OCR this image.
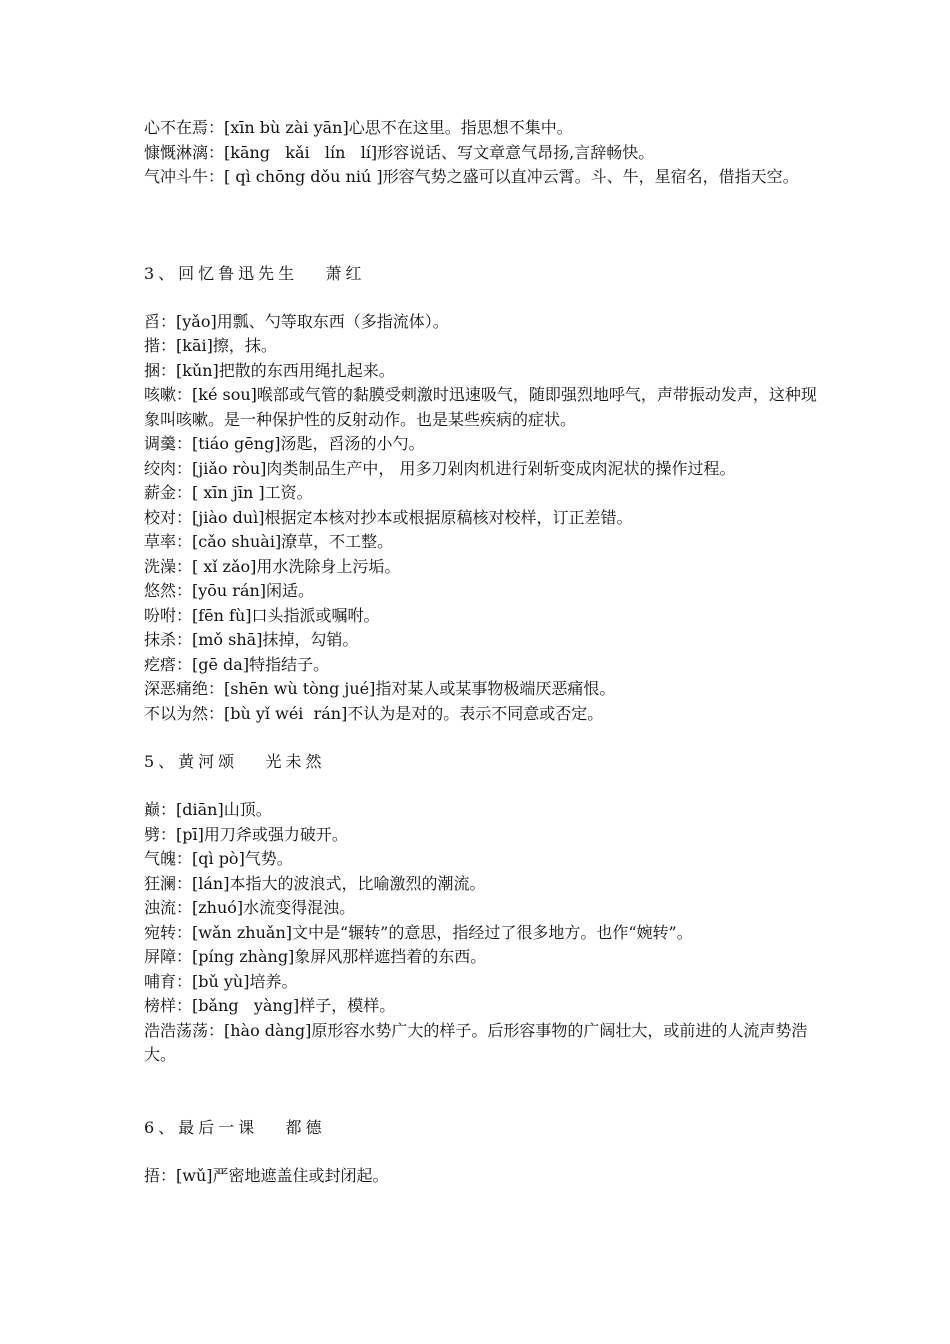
心不在焉：[xīn bù zài yān]心思不在这里。指思想不集中。

慷慨淋漓：[kāng   kǎi   lín   lí]形容说话、写文章意气昂扬,言辞畅快。

气冲斗牛：[ qì chōng dǒu niú ]形容气势之盛可以直冲云霄。斗、牛，星宿名，借指天空。

3、回忆鲁迅先生   萧红

舀：[yǎo]用瓢、勺等取东西（多指流体）。

揩：[kāi]擦，抹。

捆：[kǔn]把散的东西用绳扎起来。

咳嗽：[ké sou]喉部或气管的黏膜受刺激时迅速吸气，随即强烈地呼气，声带振动发声，这种现象叫咳嗽。是一种保护性的反射动作。也是某些疾病的症状。

调羹：[tiáo gēng]汤匙，舀汤的小勺。

绞肉：[jiǎo ròu]肉类制品生产中， 用多刀剁肉机进行剁斩变成肉泥状的操作过程。

薪金：[ xīn jīn ]工资。

校对：[jiào duì]根据定本核对抄本或根据原稿核对校样，订正差错。

草率：[cǎo shuài]潦草，不工整。

洗澡：[ xǐ zǎo]用水洗除身上污垢。

悠然：[yōu rán]闲适。

吩咐：[fēn fù]口头指派或嘱咐。

抹杀：[mǒ shā]抹掉，勾销。

疙瘩：[gē da]特指结子。

深恶痛绝：[shēn wù tòng jué]指对某人或某事物极端厌恶痛恨。

不以为然：[bù yǐ wéi  rán]不认为是对的。表示不同意或否定。

5、黄河颂   光未然

巅：[diān]山顶。

劈：[pī]用刀斧或强力破开。

气魄：[qì pò]气势。

狂澜：[lán]本指大的波浪式，比喻激烈的潮流。

浊流：[zhuó]水流变得混浊。

宛转：[wǎn zhuǎn]文中是“辗转”的意思，指经过了很多地方。也作“婉转”。

屏障：[píng zhàng]象屏风那样遮挡着的东西。

哺育：[bǔ yù]培养。

榜样：[bǎng   yàng]样子，模样。

浩浩荡荡：[hào dàng]原形容水势广大的样子。后形容事物的广阔壮大，或前进的人流声势浩大。

6、最后一课   都德

捂：[wǔ]严密地遮盖住或封闭起。
